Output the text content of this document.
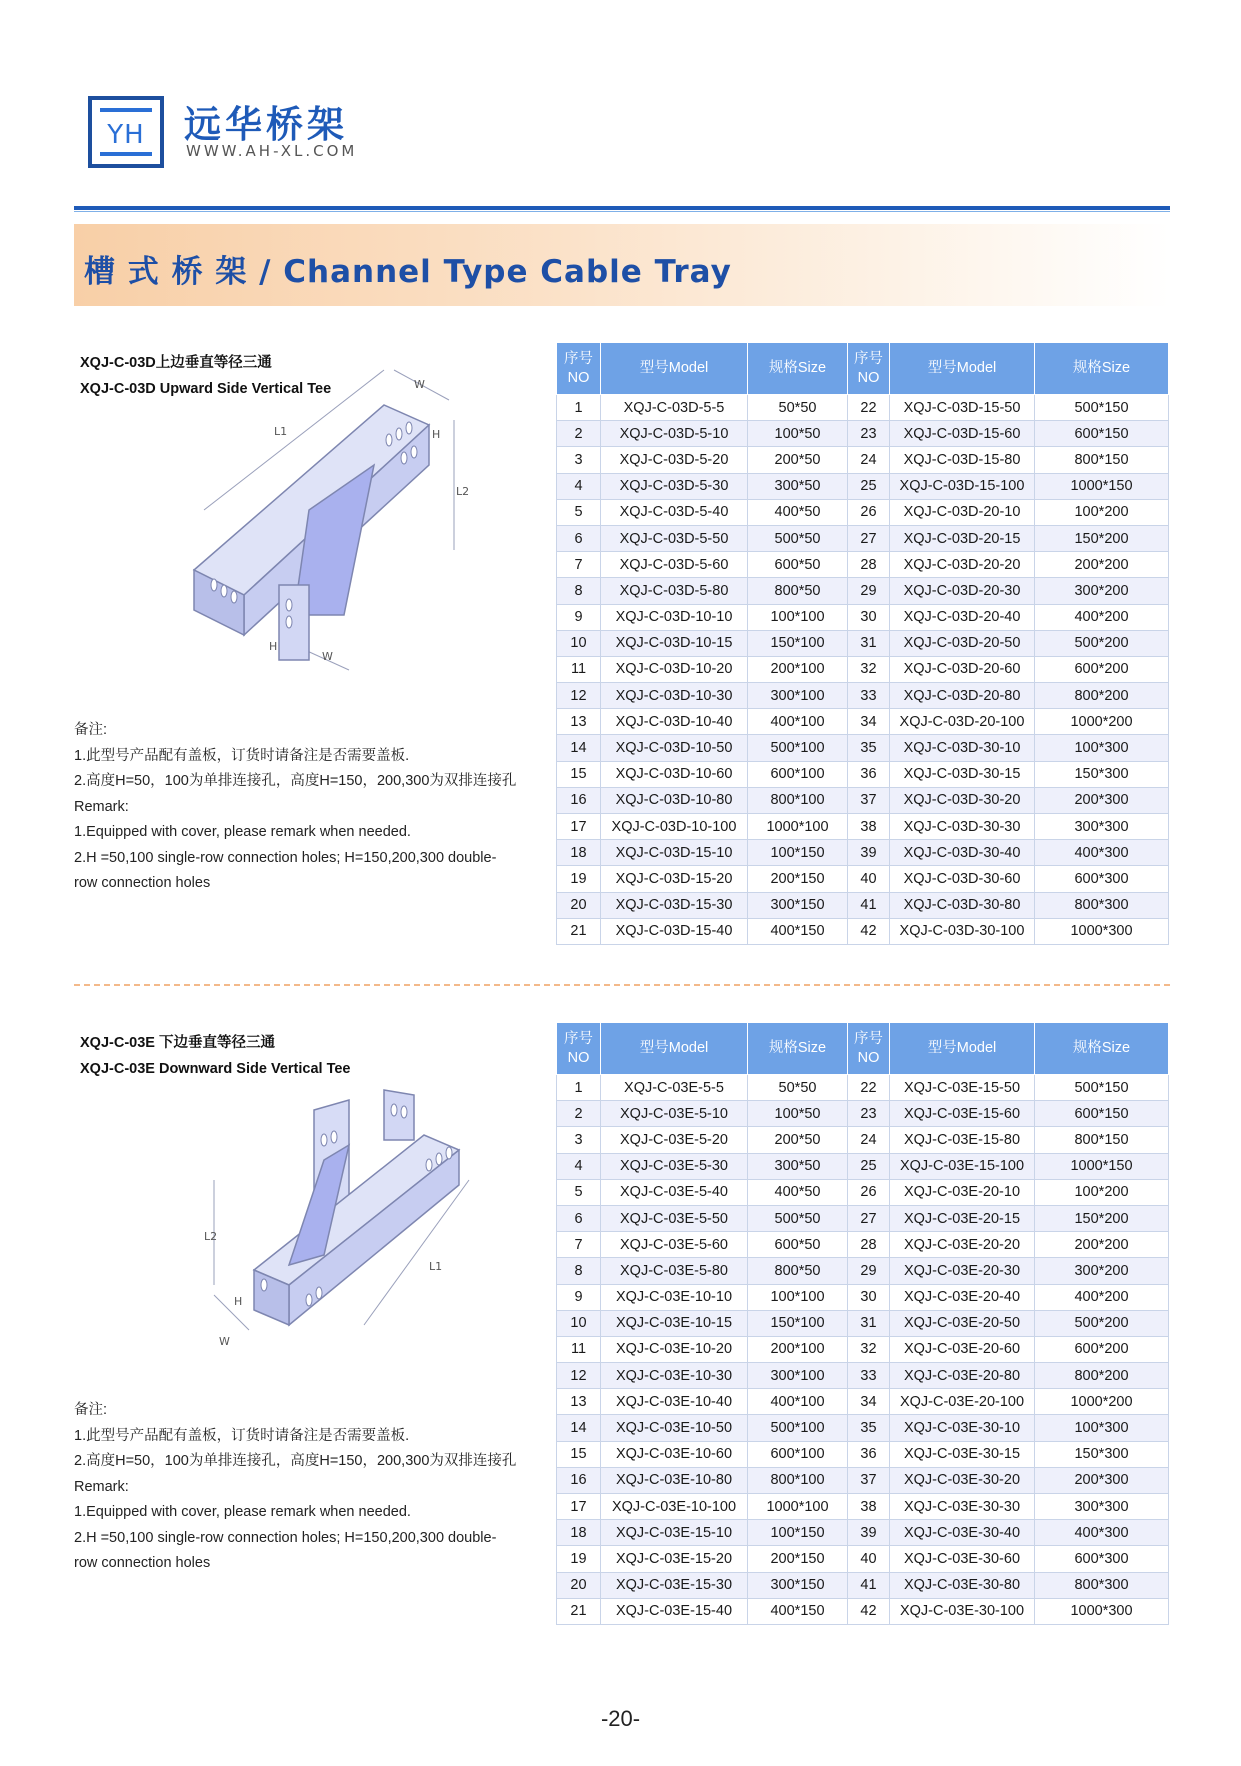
YH	远华桥架
WWW.AH-XL.COM
槽 式 桥 架 / Channel Type Cable Tray
XQJ-C-03D上边垂直等径三通
XQJ-C-03D Upward Side Vertical Tee
L1
L2
W
H
H
W
备注:
1.此型号产品配有盖板，订货时请备注是否需要盖板.
2.高度H=50，100为单排连接孔，高度H=150，200,300为双排连接孔
Remark:
1.Equipped with cover, please remark when needed.
2.H =50,100 single-row connection holes; H=150,200,300 double-
row connection holes
序号
NO	型号Model	规格Size	序号
NO	型号Model	规格Size
1	XQJ-C-03D-5-5	50*50	22	XQJ-C-03D-15-50	500*150
2	XQJ-C-03D-5-10	100*50	23	XQJ-C-03D-15-60	600*150
3	XQJ-C-03D-5-20	200*50	24	XQJ-C-03D-15-80	800*150
4	XQJ-C-03D-5-30	300*50	25	XQJ-C-03D-15-100	1000*150
5	XQJ-C-03D-5-40	400*50	26	XQJ-C-03D-20-10	100*200
6	XQJ-C-03D-5-50	500*50	27	XQJ-C-03D-20-15	150*200
7	XQJ-C-03D-5-60	600*50	28	XQJ-C-03D-20-20	200*200
8	XQJ-C-03D-5-80	800*50	29	XQJ-C-03D-20-30	300*200
9	XQJ-C-03D-10-10	100*100	30	XQJ-C-03D-20-40	400*200
10	XQJ-C-03D-10-15	150*100	31	XQJ-C-03D-20-50	500*200
11	XQJ-C-03D-10-20	200*100	32	XQJ-C-03D-20-60	600*200
12	XQJ-C-03D-10-30	300*100	33	XQJ-C-03D-20-80	800*200
13	XQJ-C-03D-10-40	400*100	34	XQJ-C-03D-20-100	1000*200
14	XQJ-C-03D-10-50	500*100	35	XQJ-C-03D-30-10	100*300
15	XQJ-C-03D-10-60	600*100	36	XQJ-C-03D-30-15	150*300
16	XQJ-C-03D-10-80	800*100	37	XQJ-C-03D-30-20	200*300
17	XQJ-C-03D-10-100	1000*100	38	XQJ-C-03D-30-30	300*300
18	XQJ-C-03D-15-10	100*150	39	XQJ-C-03D-30-40	400*300
19	XQJ-C-03D-15-20	200*150	40	XQJ-C-03D-30-60	600*300
20	XQJ-C-03D-15-30	300*150	41	XQJ-C-03D-30-80	800*300
21	XQJ-C-03D-15-40	400*150	42	XQJ-C-03D-30-100	1000*300
XQJ-C-03E 下边垂直等径三通
XQJ-C-03E Downward Side Vertical Tee
L1
L2
W
H
备注:
1.此型号产品配有盖板，订货时请备注是否需要盖板.
2.高度H=50，100为单排连接孔，高度H=150，200,300为双排连接孔
Remark:
1.Equipped with cover, please remark when needed.
2.H =50,100 single-row connection holes; H=150,200,300 double-
row connection holes
序号
NO	型号Model	规格Size	序号
NO	型号Model	规格Size
1	XQJ-C-03E-5-5	50*50	22	XQJ-C-03E-15-50	500*150
2	XQJ-C-03E-5-10	100*50	23	XQJ-C-03E-15-60	600*150
3	XQJ-C-03E-5-20	200*50	24	XQJ-C-03E-15-80	800*150
4	XQJ-C-03E-5-30	300*50	25	XQJ-C-03E-15-100	1000*150
5	XQJ-C-03E-5-40	400*50	26	XQJ-C-03E-20-10	100*200
6	XQJ-C-03E-5-50	500*50	27	XQJ-C-03E-20-15	150*200
7	XQJ-C-03E-5-60	600*50	28	XQJ-C-03E-20-20	200*200
8	XQJ-C-03E-5-80	800*50	29	XQJ-C-03E-20-30	300*200
9	XQJ-C-03E-10-10	100*100	30	XQJ-C-03E-20-40	400*200
10	XQJ-C-03E-10-15	150*100	31	XQJ-C-03E-20-50	500*200
11	XQJ-C-03E-10-20	200*100	32	XQJ-C-03E-20-60	600*200
12	XQJ-C-03E-10-30	300*100	33	XQJ-C-03E-20-80	800*200
13	XQJ-C-03E-10-40	400*100	34	XQJ-C-03E-20-100	1000*200
14	XQJ-C-03E-10-50	500*100	35	XQJ-C-03E-30-10	100*300
15	XQJ-C-03E-10-60	600*100	36	XQJ-C-03E-30-15	150*300
16	XQJ-C-03E-10-80	800*100	37	XQJ-C-03E-30-20	200*300
17	XQJ-C-03E-10-100	1000*100	38	XQJ-C-03E-30-30	300*300
18	XQJ-C-03E-15-10	100*150	39	XQJ-C-03E-30-40	400*300
19	XQJ-C-03E-15-20	200*150	40	XQJ-C-03E-30-60	600*300
20	XQJ-C-03E-15-30	300*150	41	XQJ-C-03E-30-80	800*300
21	XQJ-C-03E-15-40	400*150	42	XQJ-C-03E-30-100	1000*300
-20-
